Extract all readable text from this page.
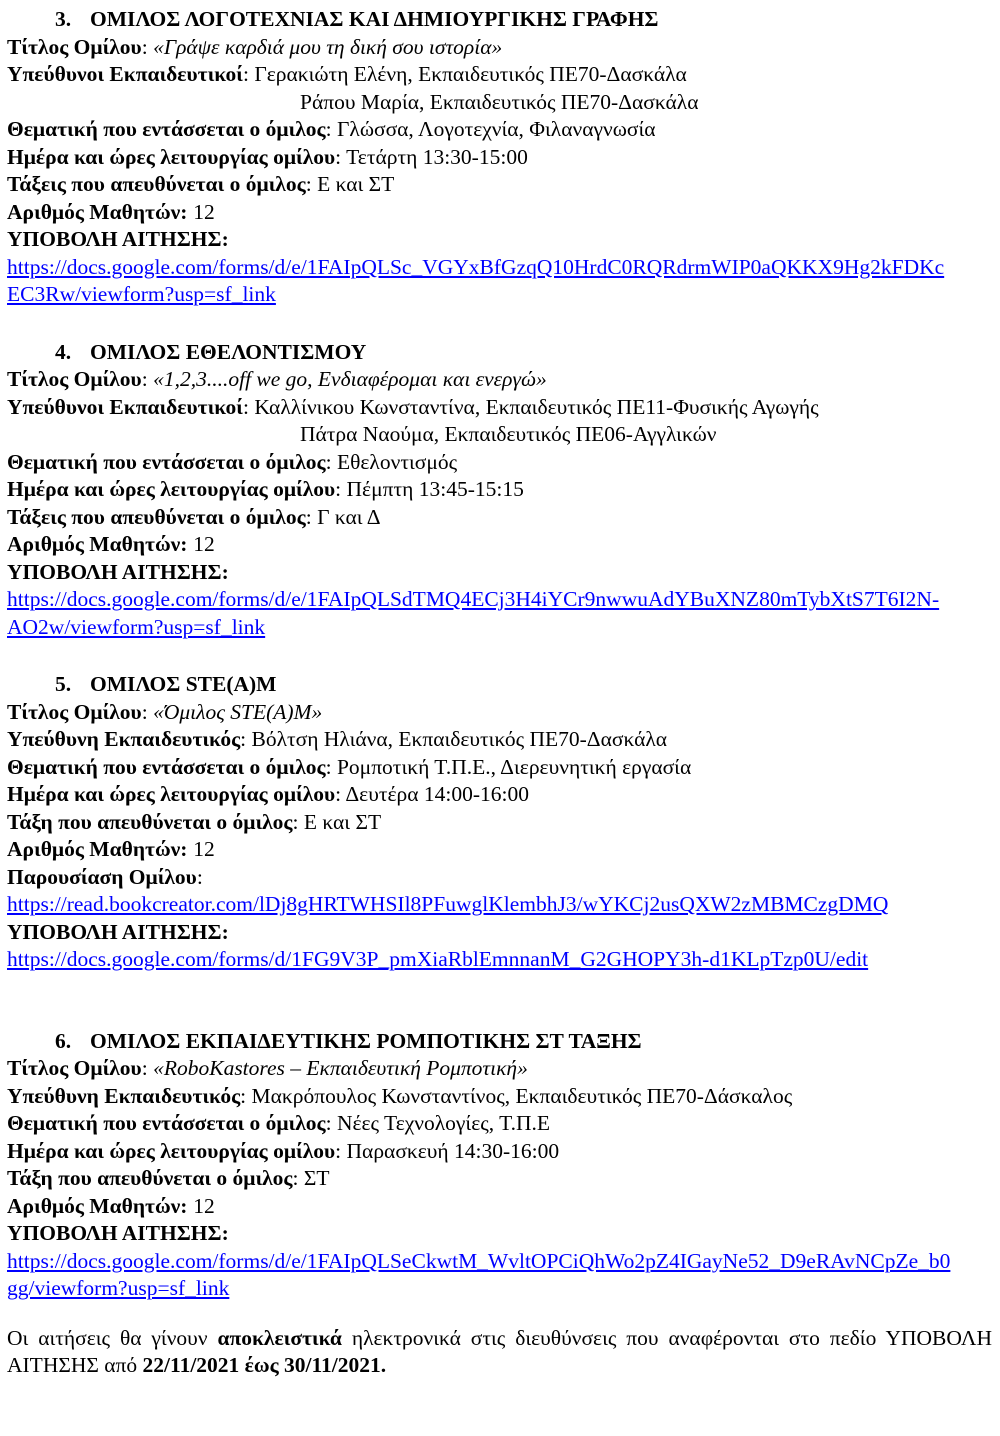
3. ΟΜΙΛΟΣ ΛΟΓΟΤΕΧΝΙΑΣ ΚΑΙ ΔΗΜΙΟΥΡΓΙΚΗΣ ΓΡΑΦΗΣ
Τίτλος Ομίλου: «Γράψε καρδιά μου τη δική σου ιστορία»
Υπεύθυνοι Εκπαιδευτικοί: Γερακιώτη Ελένη, Εκπαιδευτικός ΠΕ70-Δασκάλα
Ράπου Μαρία, Εκπαιδευτικός ΠΕ70-Δασκάλα
Θεματική που εντάσσεται ο όμιλος: Γλώσσα, Λογοτεχνία, Φιλαναγνωσία
Ημέρα και ώρες λειτουργίας ομίλου: Τετάρτη 13:30-15:00
Τάξεις που απευθύνεται ο όμιλος: Ε και ΣΤ
Αριθμός Μαθητών: 12
ΥΠΟΒΟΛΗ ΑΙΤΗΣΗΣ:
https://docs.google.com/forms/d/e/1FAIpQLSc_VGYxBfGzqQ10HrdC0RQRdrmWIP0aQKKX9Hg2kFDKcEC3Rw/viewform?usp=sf_link
4. ΟΜΙΛΟΣ ΕΘΕΛΟΝΤΙΣΜΟΥ
Τίτλος Ομίλου: «1,2,3....off we go, Ενδιαφέρομαι και ενεργώ»
Υπεύθυνοι Εκπαιδευτικοί: Καλλίνικου Κωνσταντίνα, Εκπαιδευτικός ΠΕ11-Φυσικής Αγωγής
Πάτρα Ναούμα, Εκπαιδευτικός ΠΕ06-Αγγλικών
Θεματική που εντάσσεται ο όμιλος: Εθελοντισμός
Ημέρα και ώρες λειτουργίας ομίλου: Πέμπτη 13:45-15:15
Τάξεις που απευθύνεται ο όμιλος: Γ και Δ
Αριθμός Μαθητών: 12
ΥΠΟΒΟΛΗ ΑΙΤΗΣΗΣ:
https://docs.google.com/forms/d/e/1FAIpQLSdTMQ4ECj3H4iYCr9nwwuAdYBuXNZ80mTybXtS7T6I2N-AO2w/viewform?usp=sf_link
5. ΟΜΙΛΟΣ STE(A)M
Τίτλος Ομίλου: «Όμιλος STE(A)M»
Υπεύθυνη Εκπαιδευτικός: Βόλτση Ηλιάνα, Εκπαιδευτικός ΠΕ70-Δασκάλα
Θεματική που εντάσσεται ο όμιλος: Ρομποτική Τ.Π.Ε., Διερευνητική εργασία
Ημέρα και ώρες λειτουργίας ομίλου: Δευτέρα 14:00-16:00
Τάξη που απευθύνεται ο όμιλος: Ε και ΣΤ
Αριθμός Μαθητών: 12
Παρουσίαση Ομίλου:
https://read.bookcreator.com/lDj8gHRTWHSIl8PFuwglKlembhJ3/wYKCj2usQXW2zMBMCzgDMQ
ΥΠΟΒΟΛΗ ΑΙΤΗΣΗΣ:
https://docs.google.com/forms/d/1FG9V3P_pmXiaRblEmnnanM_G2GHOPY3h-d1KLpTzp0U/edit
6. ΟΜΙΛΟΣ ΕΚΠΑΙΔΕΥΤΙΚΗΣ ΡΟΜΠΟΤΙΚΗΣ ΣΤ ΤΑΞΗΣ
Τίτλος Ομίλου: «RoboKastores – Εκπαιδευτική Ρομποτική»
Υπεύθυνη Εκπαιδευτικός: Μακρόπουλος Κωνσταντίνος, Εκπαιδευτικός ΠΕ70-Δάσκαλος
Θεματική που εντάσσεται ο όμιλος: Νέες Τεχνολογίες, Τ.Π.Ε
Ημέρα και ώρες λειτουργίας ομίλου: Παρασκευή 14:30-16:00
Τάξη που απευθύνεται ο όμιλος: ΣΤ
Αριθμός Μαθητών: 12
ΥΠΟΒΟΛΗ ΑΙΤΗΣΗΣ:
https://docs.google.com/forms/d/e/1FAIpQLSeCkwtM_WvltOPCiQhWo2pZ4IGayNe52_D9eRAvNCpZe_b0gg/viewform?usp=sf_link

Οι αιτήσεις θα γίνουν αποκλειστικά ηλεκτρονικά στις διευθύνσεις που αναφέρονται στο πεδίο ΥΠΟΒΟΛΗ ΑΙΤΗΣΗΣ από 22/11/2021 έως 30/11/2021.
